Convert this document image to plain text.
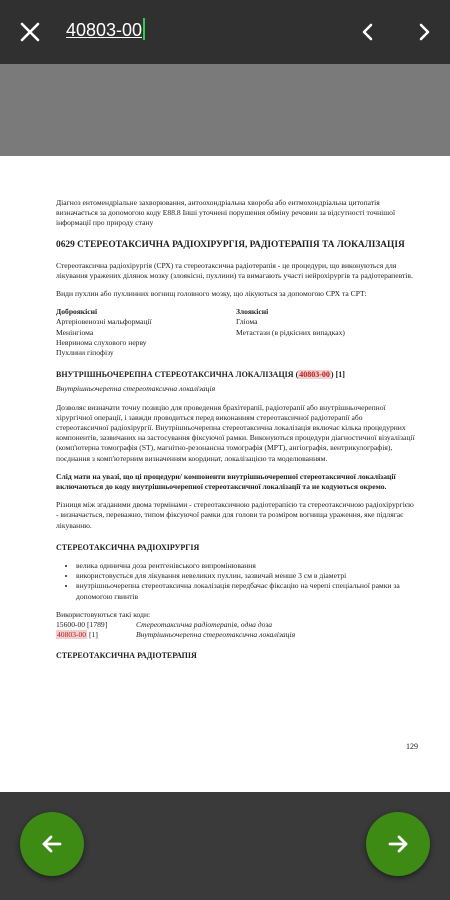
40803-00

Діагноз ентомендріальне захворювання, антоохондріальна хвороба або ентмохондріальна цитопатія визначається за допомогою коду E88.8 Інші уточнені порушення обміну речовин за відсутності точнішої інформації про природу стану

0629 СТЕРЕОТАКСИЧНА РАДІОХІРУРГІЯ, РАДІОТЕРАПІЯ ТА ЛОКАЛІЗАЦІЯ

Стереотаксична радіохірургія (СРХ) та стереотаксична радіотерапія - це процедури, що виконуються для лікування уражених ділянок мозку (злоякісні, пухлини) та вимагають участі нейрохірургів та радіотерапевтів.

Види пухлин або пухлинних вогнищ головного мозку, що лікуються за допомогою СРХ та СРТ:

Доброякісні
Артеріовенозні мальформації
Менінгіома
Невринома слухового нерву
Пухлини гіпофізу
Злоякісні
Гліома
Метастази (в рідкісних випадках)
ВНУТРІШНЬОЧЕРЕПНА СТЕРЕОТАКСИЧНА ЛОКАЛІЗАЦІЯ (40803-00) [1]

Внутрішньочерепна стереотаксична локалізація

Дозволяє визначати точну позицію для проведення брахітерапії, радіотерапії або внутрішньочерепної хірургічної операції, і завжди проводиться перед виконанням стереотаксичної радіотерапії або стереотаксичної радіохірургії. Внутрішньочерепна стереотаксична локалізація включає кілька процедурних компонентів, зазвичаних на застосування фіксуючої рамки. Виконуються процедури діагностичної візуалізації (комп'ютерна томографія (ST), магнітно-резонансна томографія (МРТ), ангіографія, вентрикулографія), поєднання з комп'ютерним визначенням координат, локалізацією та моделюванням.

Слід мати на увазі, що ці процедури/ компоненти внутрішньочерепної стереотаксичної локалізації включаються до коду внутрішньочерепної стереотаксичної локалізації та не кодуються окремо.

Різниця між згаданими двома термінами - стереотаксичною радіотерапією та стереотаксичною радіохірургією - визначається, переважно, типом фіксуючої рамки для голови та розміром вогнища ураження, яке підлягає лікуванню.

СТЕРЕОТАКСИЧНА РАДІОХІРУРГІЯ
• велика одинична доза рентгенівського випромінювання
• використовується для лікування невеликих пухлин, зазвичай менше 3 см в діаметрі
• внутрішньочерепна стереотаксична локалізація передбачає фіксацію на черепі спеціальної рамки за допомогою гвинтів
Використовуються такі коди:
15600-00 [1789]	Стереотаксична радіотерапія, одна доза
40803-00 [1]	Внутрішньочерепна стереотаксична локалізація
СТЕРЕОТАКСИЧНА РАДІОТЕРАПІЯ
129
